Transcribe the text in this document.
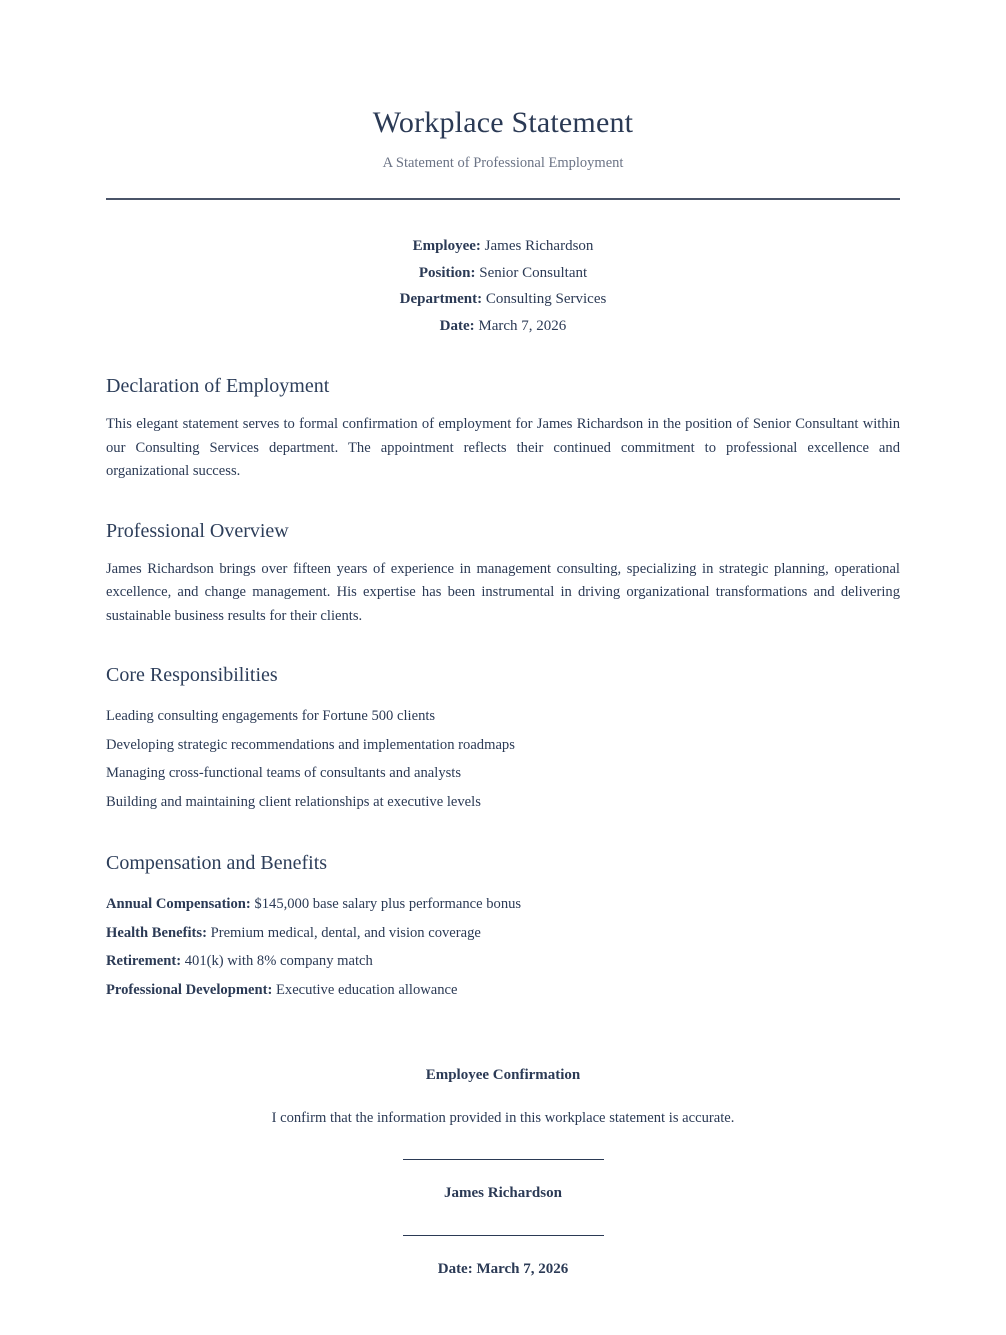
Workplace Statement

A Statement of Professional Employment

Employee: James Richardson
Position: Senior Consultant
Department: Consulting Services
Date: March 7, 2026
Declaration of Employment

This elegant statement serves to formal confirmation of employment for James Richardson in the position of Senior Consultant within our Consulting Services department. The appointment reflects their continued commitment to professional excellence and organizational success.

Professional Overview

James Richardson brings over fifteen years of experience in management consulting, specializing in strategic planning, operational excellence, and change management. His expertise has been instrumental in driving organizational transformations and delivering sustainable business results for their clients.

Core Responsibilities
Leading consulting engagements for Fortune 500 clients
Developing strategic recommendations and implementation roadmaps
Managing cross-functional teams of consultants and analysts
Building and maintaining client relationships at executive levels
Compensation and Benefits
Annual Compensation: $145,000 base salary plus performance bonus
Health Benefits: Premium medical, dental, and vision coverage
Retirement: 401(k) with 8% company match
Professional Development: Executive education allowance

Employee Confirmation

I confirm that the information provided in this workplace statement is accurate.

James Richardson

Date: March 7, 2026
